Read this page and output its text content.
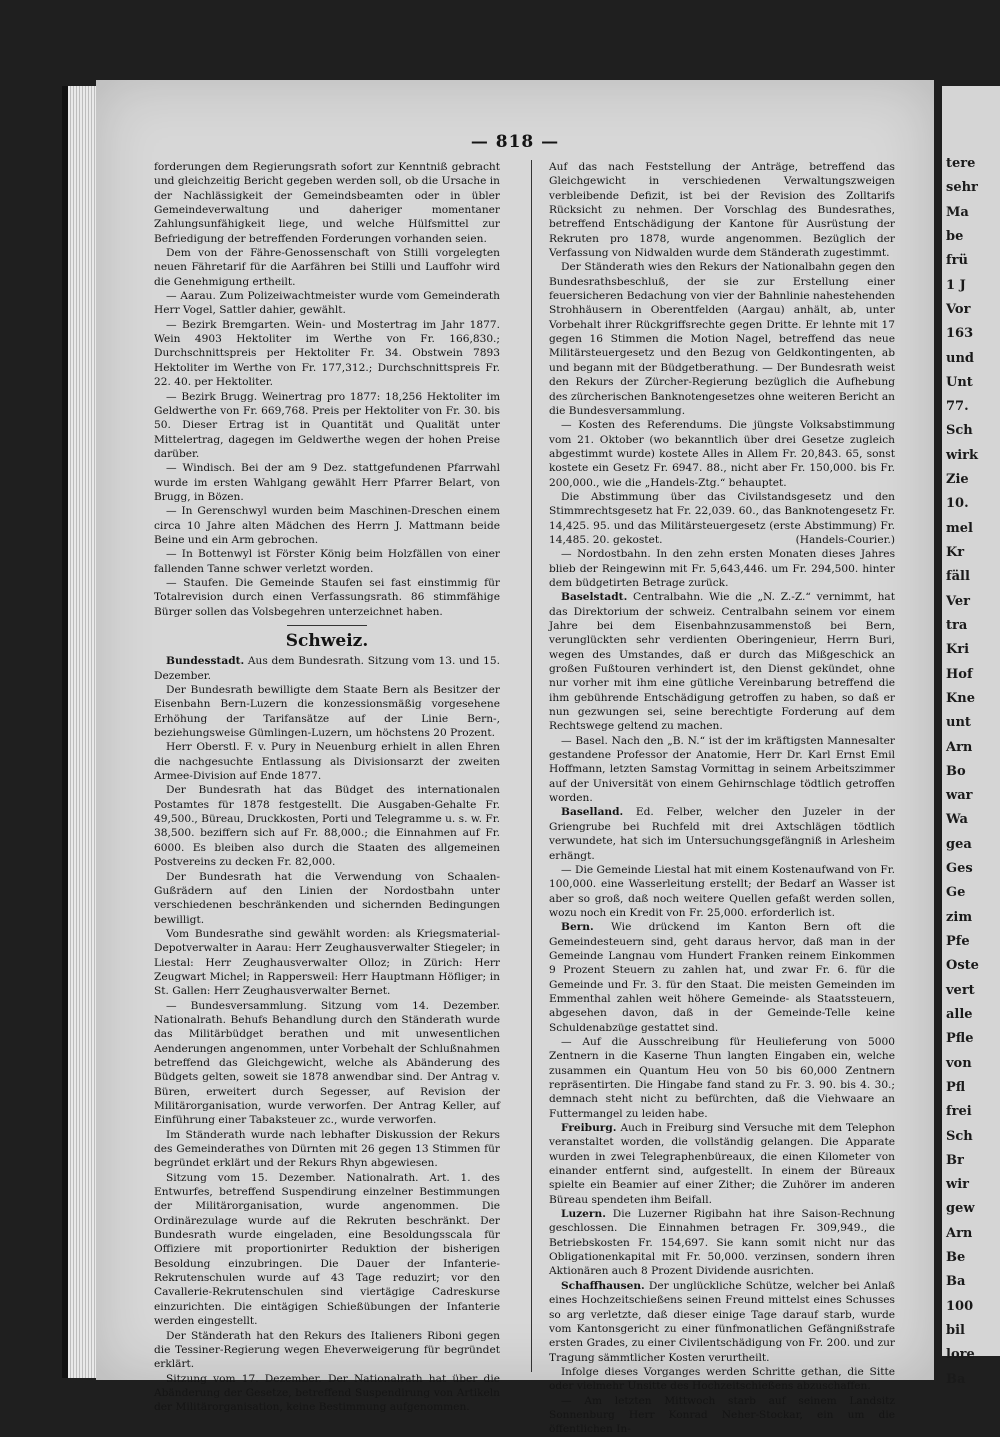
— 818 —

forderungen dem Regierungsrath sofort zur Kenntniß gebracht und gleichzeitig Bericht gegeben werden soll, ob die Ursache in der Nachlässigkeit der Gemeindsbeamten oder in übler Gemeindeverwaltung und daheriger momentaner Zahlungsunfähigkeit liege, und welche Hülfsmittel zur Befriedigung der betreffenden Forderungen vorhanden seien.

Dem von der Fähre-Genossenschaft von Stilli vorgelegten neuen Fähretarif für die Aarfähren bei Stilli und Lauffohr wird die Genehmigung ertheilt.

— Aarau. Zum Polizeiwachtmeister wurde vom Gemeinderath Herr Vogel, Sattler dahier, gewählt.

— Bezirk Bremgarten. Wein- und Mostertrag im Jahr 1877. Wein 4903 Hektoliter im Werthe von Fr. 166,830.; Durchschnittspreis per Hektoliter Fr. 34. Obstwein 7893 Hektoliter im Werthe von Fr. 177,312.; Durchschnittspreis Fr. 22. 40. per Hektoliter.

— Bezirk Brugg. Weinertrag pro 1877: 18,256 Hektoliter im Geldwerthe von Fr. 669,768. Preis per Hektoliter von Fr. 30. bis 50. Dieser Ertrag ist in Quantität und Qualität unter Mittelertrag, dagegen im Geldwerthe wegen der hohen Preise darüber.

— Windisch. Bei der am 9 Dez. stattgefundenen Pfarrwahl wurde im ersten Wahlgang gewählt Herr Pfarrer Belart, von Brugg, in Bözen.

— In Gerenschwyl wurden beim Maschinen-Dreschen einem circa 10 Jahre alten Mädchen des Herrn J. Mattmann beide Beine und ein Arm gebrochen.

— In Bottenwyl ist Förster König beim Holzfällen von einer fallenden Tanne schwer verletzt worden.

— Staufen. Die Gemeinde Staufen sei fast einstimmig für Totalrevision durch einen Verfassungsrath. 86 stimmfähige Bürger sollen das Volsbegehren unterzeichnet haben.

Schweiz.

Bundesstadt. Aus dem Bundesrath. Sitzung vom 13. und 15. Dezember.

Der Bundesrath bewilligte dem Staate Bern als Besitzer der Eisenbahn Bern-Luzern die konzessionsmäßig vorgesehene Erhöhung der Tarifansätze auf der Linie Bern-, beziehungsweise Gümlingen-Luzern, um höchstens 20 Prozent.

Herr Oberstl. F. v. Pury in Neuenburg erhielt in allen Ehren die nachgesuchte Entlassung als Divisionsarzt der zweiten Armee-Division auf Ende 1877.

Der Bundesrath hat das Büdget des internationalen Postamtes für 1878 festgestellt. Die Ausgaben-Gehalte Fr. 49,500., Büreau, Druckkosten, Porti und Telegramme u. s. w. Fr. 38,500. beziffern sich auf Fr. 88,000.; die Einnahmen auf Fr. 6000. Es bleiben also durch die Staaten des allgemeinen Postvereins zu decken Fr. 82,000.

Der Bundesrath hat die Verwendung von Schaalen-Gußrädern auf den Linien der Nordostbahn unter verschiedenen beschränkenden und sichernden Bedingungen bewilligt.

Vom Bundesrathe sind gewählt worden: als Kriegsmaterial-Depotverwalter in Aarau: Herr Zeughausverwalter Stiegeler; in Liestal: Herr Zeughausverwalter Olloz; in Zürich: Herr Zeugwart Michel; in Rappersweil: Herr Hauptmann Höfliger; in St. Gallen: Herr Zeughausverwalter Bernet.

— Bundesversammlung. Sitzung vom 14. Dezember. Nationalrath. Behufs Behandlung durch den Ständerath wurde das Militärbüdget berathen und mit unwesentlichen Aenderungen angenommen, unter Vorbehalt der Schlußnahmen betreffend das Gleichgewicht, welche als Abänderung des Büdgets gelten, soweit sie 1878 anwendbar sind. Der Antrag v. Büren, erweitert durch Segesser, auf Revision der Militärorganisation, wurde verworfen. Der Antrag Keller, auf Einführung einer Tabaksteuer zc., wurde verworfen.

Im Ständerath wurde nach lebhafter Diskussion der Rekurs des Gemeinderathes von Dürnten mit 26 gegen 13 Stimmen für begründet erklärt und der Rekurs Rhyn abgewiesen.

Sitzung vom 15. Dezember. Nationalrath. Art. 1. des Entwurfes, betreffend Suspendirung einzelner Bestimmungen der Militärorganisation, wurde angenommen. Die Ordinärezulage wurde auf die Rekruten beschränkt. Der Bundesrath wurde eingeladen, eine Besoldungsscala für Offiziere mit proportionirter Reduktion der bisherigen Besoldung einzubringen. Die Dauer der Infanterie-Rekrutenschulen wurde auf 43 Tage reduzirt; vor den Cavallerie-Rekrutenschulen sind viertägige Cadreskurse einzurichten. Die eintägigen Schießübungen der Infanterie werden eingestellt.

Der Ständerath hat den Rekurs des Italieners Riboni gegen die Tessiner-Regierung wegen Eheverweigerung für begründet erklärt.

Sitzung vom 17. Dezember. Der Nationalrath hat über die Abänderung der Gesetze, betreffend Suspendirung von Artikeln der Militärorganisation, keine Bestimmung aufgenommen.

Auf das nach Feststellung der Anträge, betreffend das Gleichgewicht in verschiedenen Verwaltungszweigen verbleibende Defizit, ist bei der Revision des Zolltarifs Rücksicht zu nehmen. Der Vorschlag des Bundesrathes, betreffend Entschädigung der Kantone für Ausrüstung der Rekruten pro 1878, wurde angenommen. Bezüglich der Verfassung von Nidwalden wurde dem Ständerath zugestimmt.

Der Ständerath wies den Rekurs der Nationalbahn gegen den Bundesrathsbeschluß, der sie zur Erstellung einer feuersicheren Bedachung von vier der Bahnlinie nahestehenden Strohhäusern in Oberentfelden (Aargau) anhält, ab, unter Vorbehalt ihrer Rückgriffsrechte gegen Dritte. Er lehnte mit 17 gegen 16 Stimmen die Motion Nagel, betreffend das neue Militärsteuergesetz und den Bezug von Geldkontingenten, ab und begann mit der Büdgetberathung. — Der Bundesrath weist den Rekurs der Zürcher-Regierung bezüglich die Aufhebung des zürcherischen Banknotengesetzes ohne weiteren Bericht an die Bundesversammlung.

— Kosten des Referendums. Die jüngste Volksabstimmung vom 21. Oktober (wo bekanntlich über drei Gesetze zugleich abgestimmt wurde) kostete Alles in Allem Fr. 20,843. 65, sonst kostete ein Gesetz Fr. 6947. 88., nicht aber Fr. 150,000. bis Fr. 200,000., wie die „Handels-Ztg.“ behauptet.

Die Abstimmung über das Civilstandsgesetz und den Stimmrechtsgesetz hat Fr. 22,039. 60., das Banknotengesetz Fr. 14,425. 95. und das Militärsteuergesetz (erste Abstimmung) Fr. 14,485. 20. gekostet.	(Handels-Courier.)

— Nordostbahn. In den zehn ersten Monaten dieses Jahres blieb der Reingewinn mit Fr. 5,643,446. um Fr. 294,500. hinter dem büdgetirten Betrage zurück.

Baselstadt. Centralbahn. Wie die „N. Z.-Z.“ vernimmt, hat das Direktorium der schweiz. Centralbahn seinem vor einem Jahre bei dem Eisenbahnzusammenstoß bei Bern, verunglückten sehr verdienten Oberingenieur, Herrn Buri, wegen des Umstandes, daß er durch das Mißgeschick an großen Fußtouren verhindert ist, den Dienst gekündet, ohne nur vorher mit ihm eine gütliche Vereinbarung betreffend die ihm gebührende Entschädigung getroffen zu haben, so daß er nun gezwungen sei, seine berechtigte Forderung auf dem Rechtswege geltend zu machen.

— Basel. Nach den „B. N.“ ist der im kräftigsten Mannesalter gestandene Professor der Anatomie, Herr Dr. Karl Ernst Emil Hoffmann, letzten Samstag Vormittag in seinem Arbeitszimmer auf der Universität von einem Gehirnschlage tödtlich getroffen worden.

Baselland. Ed. Felber, welcher den Juzeler in der Griengrube bei Ruchfeld mit drei Axtschlägen tödtlich verwundete, hat sich im Untersuchungsgefängniß in Arlesheim erhängt.

— Die Gemeinde Liestal hat mit einem Kostenaufwand von Fr. 100,000. eine Wasserleitung erstellt; der Bedarf an Wasser ist aber so groß, daß noch weitere Quellen gefaßt werden sollen, wozu noch ein Kredit von Fr. 25,000. erforderlich ist.

Bern. Wie drückend im Kanton Bern oft die Gemeindesteuern sind, geht daraus hervor, daß man in der Gemeinde Langnau vom Hundert Franken reinem Einkommen 9 Prozent Steuern zu zahlen hat, und zwar Fr. 6. für die Gemeinde und Fr. 3. für den Staat. Die meisten Gemeinden im Emmenthal zahlen weit höhere Gemeinde- als Staatssteuern, abgesehen davon, daß in der Gemeinde-Telle keine Schuldenabzüge gestattet sind.

— Auf die Ausschreibung für Heulieferung von 5000 Zentnern in die Kaserne Thun langten Eingaben ein, welche zusammen ein Quantum Heu von 50 bis 60,000 Zentnern repräsentirten. Die Hingabe fand stand zu Fr. 3. 90. bis 4. 30.; demnach steht nicht zu befürchten, daß die Viehwaare an Futtermangel zu leiden habe.

Freiburg. Auch in Freiburg sind Versuche mit dem Telephon veranstaltet worden, die vollständig gelangen. Die Apparate wurden in zwei Telegraphenbüreaux, die einen Kilometer von einander entfernt sind, aufgestellt. In einem der Büreaux spielte ein Beamier auf einer Zither; die Zuhörer im anderen Büreau spendeten ihm Beifall.

Luzern. Die Luzerner Rigibahn hat ihre Saison-Rechnung geschlossen. Die Einnahmen betragen Fr. 309,949., die Betriebskosten Fr. 154,697. Sie kann somit nicht nur das Obligationenkapital mit Fr. 50,000. verzinsen, sondern ihren Aktionären auch 8 Prozent Dividende ausrichten.

Schaffhausen. Der unglückliche Schütze, welcher bei Anlaß eines Hochzeitschießens seinen Freund mittelst eines Schusses so arg verletzte, daß dieser einige Tage darauf starb, wurde vom Kantonsgericht zu einer fünfmonatlichen Gefängnißstrafe ersten Grades, zu einer Civilentschädigung von Fr. 200. und zur Tragung sämmtlicher Kosten verurtheilt.

Infolge dieses Vorganges werden Schritte gethan, die Sitte oder vielmehr Unsitte des Hochzeitschießens abzuschaffen.

— Am letzten Mittwoch starb auf seinem Landsitz Sonnenburg Herr Konrad Neher-Stockar, ein um die öffentlichen In-

tere
sehr
Ma
be
frü
1 J
Vor
163
und
Unt
77.
Sch
wirk
Zie
10.
mel
Kr
fäll
Ver
tra
Kri
Hof
Kne
unt
Arn
Bo
war
Wa
gea
Ges
Ge
zim
Pfe
Oste
vert
alle
Pfle
von
Pfl
frei
Sch
Br
wir
gew
Arn
Be
Ba
100
bil
lore
Ba
